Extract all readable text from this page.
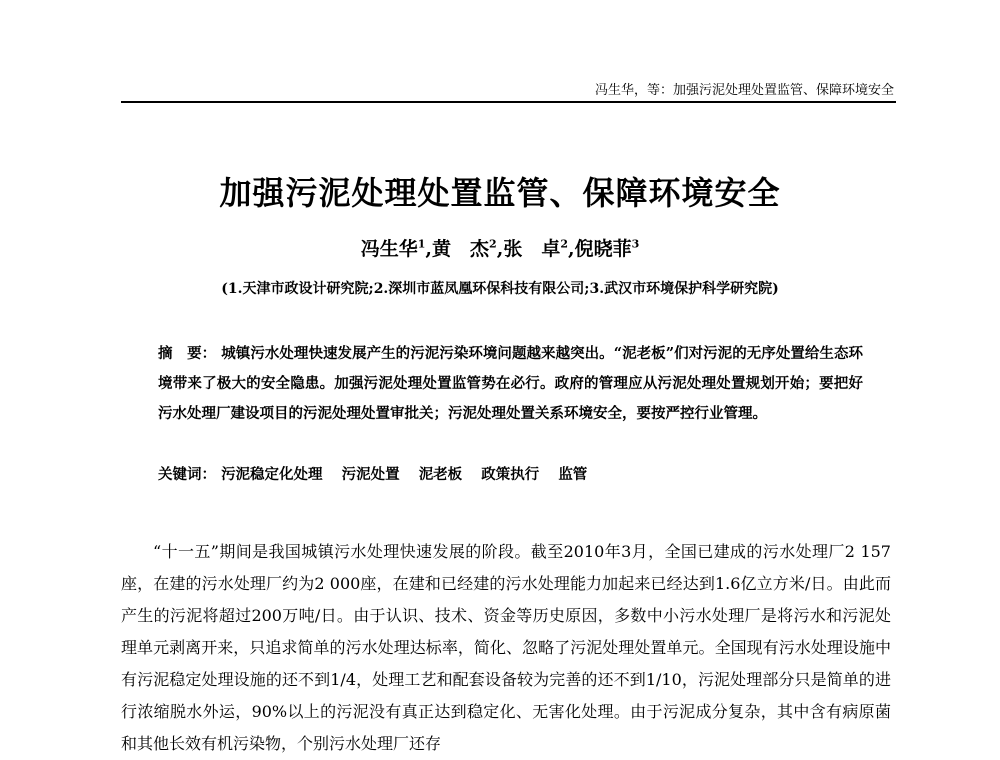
冯生华，等：加强污泥处理处置监管、保障环境安全
加强污泥处理处置监管、保障环境安全
冯生华$^1$,黄　杰$^2$,张　卓$^2$,倪晓菲$^3$
(1.天津市政设计研究院;2.深圳市蓝凤凰环保科技有限公司;3.武汉市环境保护科学研究院)
摘　要： 城镇污水处理快速发展产生的污泥污染环境问题越来越突出。“泥老板”们对污泥的无序处置给生态环境带来了极大的安全隐患。加强污泥处理处置监管势在必行。政府的管理应从污泥处理处置规划开始；要把好污水处理厂建设项目的污泥处理处置审批关；污泥处理处置关系环境安全，要按严控行业管理。
关键词： 污泥稳定化处理 污泥处置 泥老板 政策执行 监管

“十一五”期间是我国城镇污水处理快速发展的阶段。截至2010年3月，全国已建成的污水处理厂2 157座，在建的污水处理厂约为2 000座，在建和已经建的污水处理能力加起来已经达到1.6亿立方米/日。由此而产生的污泥将超过200万吨/日。由于认识、技术、资金等历史原因，多数中小污水处理厂是将污水和污泥处理单元剥离开来，只追求简单的污水处理达标率，简化、忽略了污泥处理处置单元。全国现有污水处理设施中有污泥稳定处理设施的还不到1/4，处理工艺和配套设备较为完善的还不到1/10，污泥处理部分只是简单的进行浓缩脱水外运，90%以上的污泥没有真正达到稳定化、无害化处理。由于污泥成分复杂，其中含有病原菌和其他长效有机污染物，个别污水处理厂还存
